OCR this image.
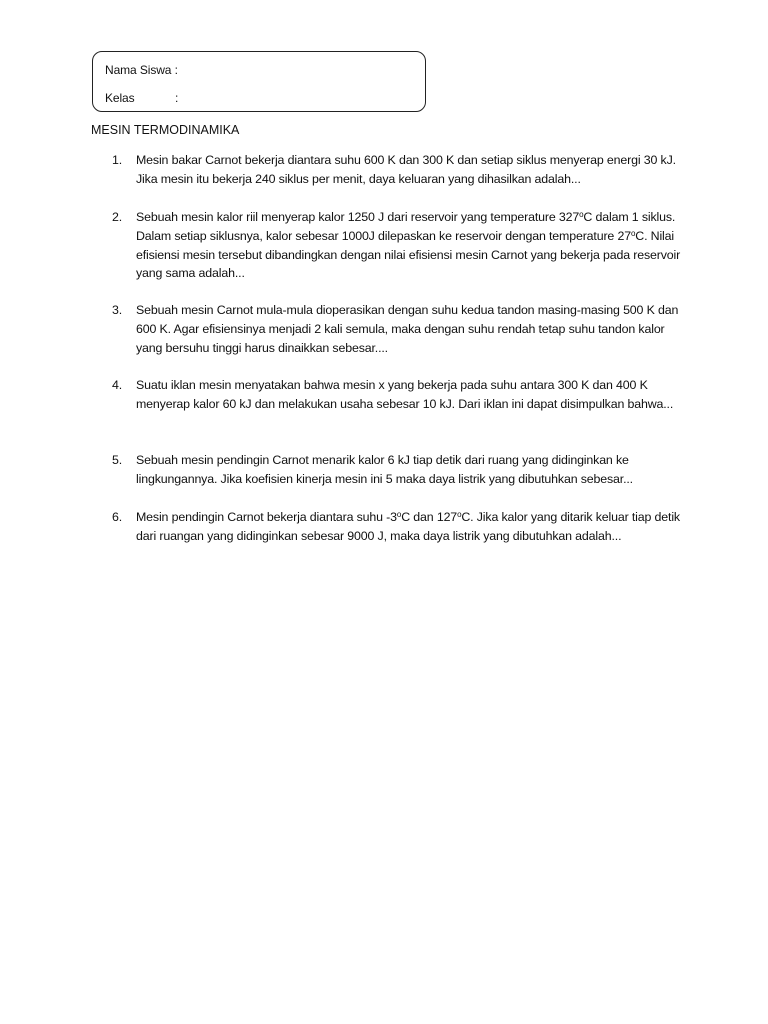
Nama Siswa :
Kelas	:
MESIN TERMODINAMIKA
1.	Mesin bakar Carnot bekerja diantara suhu 600 K dan 300 K dan setiap siklus menyerap energi 30 kJ. Jika mesin itu bekerja 240 siklus per menit, daya keluaran yang dihasilkan adalah...
2.	Sebuah mesin kalor riil menyerap kalor 1250 J dari reservoir yang temperature 327$^o$C dalam 1 siklus. Dalam setiap siklusnya, kalor sebesar 1000J dilepaskan ke reservoir dengan temperature 27$^o$C. Nilai efisiensi mesin tersebut dibandingkan dengan nilai efisiensi mesin Carnot yang bekerja pada reservoir yang sama adalah...
3.	Sebuah mesin Carnot mula-mula dioperasikan dengan suhu kedua tandon masing-masing 500 K dan 600 K. Agar efisiensinya menjadi 2 kali semula, maka dengan suhu rendah tetap suhu tandon kalor yang bersuhu tinggi harus dinaikkan sebesar....
4.	Suatu iklan mesin menyatakan bahwa mesin x yang bekerja pada suhu antara 300 K dan 400 K menyerap kalor 60 kJ dan melakukan usaha sebesar 10 kJ. Dari iklan ini dapat disimpulkan bahwa...
5.	Sebuah mesin pendingin Carnot menarik kalor 6 kJ tiap detik dari ruang yang didinginkan ke lingkungannya. Jika koefisien kinerja mesin ini 5 maka daya listrik yang dibutuhkan sebesar...
6.	Mesin pendingin Carnot bekerja diantara suhu -3$^o$C dan 127$^o$C. Jika kalor yang ditarik keluar tiap detik dari ruangan yang didinginkan sebesar 9000 J, maka daya listrik yang dibutuhkan adalah...
